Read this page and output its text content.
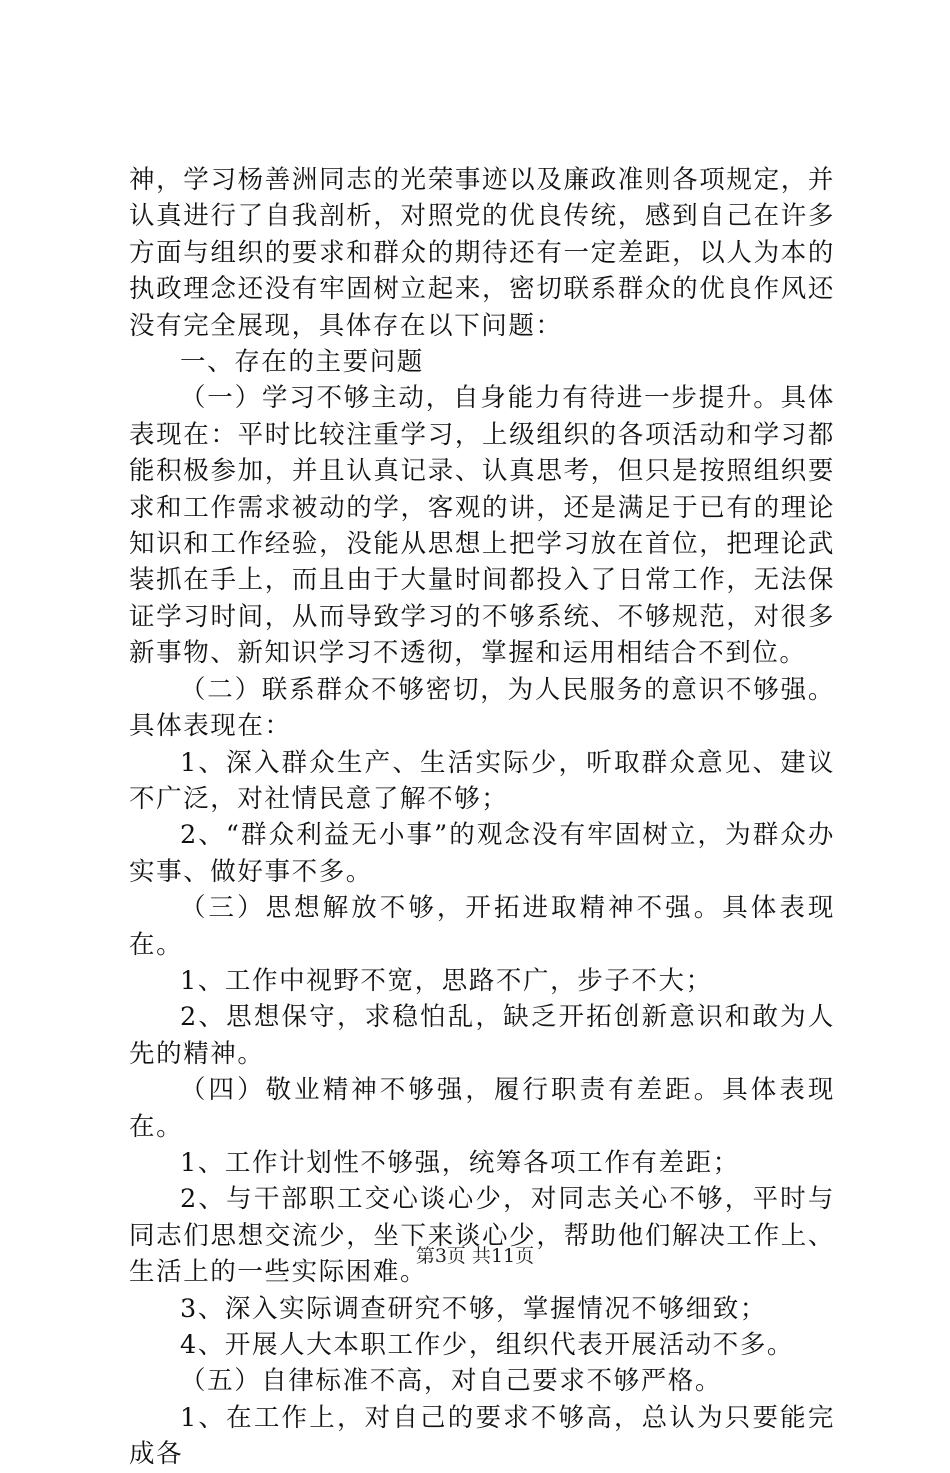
神，学习杨善洲同志的光荣事迹以及廉政准则各项规定，并认真进行了自我剖析，对照党的优良传统，感到自己在许多方面与组织的要求和群众的期待还有一定差距，以人为本的执政理念还没有牢固树立起来，密切联系群众的优良作风还没有完全展现，具体存在以下问题：

一、存在的主要问题

（一）学习不够主动，自身能力有待进一步提升。具体表现在：平时比较注重学习，上级组织的各项活动和学习都能积极参加，并且认真记录、认真思考，但只是按照组织要求和工作需求被动的学，客观的讲，还是满足于已有的理论知识和工作经验，没能从思想上把学习放在首位，把理论武装抓在手上，而且由于大量时间都投入了日常工作，无法保证学习时间，从而导致学习的不够系统、不够规范，对很多新事物、新知识学习不透彻，掌握和运用相结合不到位。

（二）联系群众不够密切，为人民服务的意识不够强。具体表现在：

1、深入群众生产、生活实际少，听取群众意见、建议不广泛，对社情民意了解不够；

2、“群众利益无小事”的观念没有牢固树立，为群众办实事、做好事不多。

（三）思想解放不够，开拓进取精神不强。具体表现在。

1、工作中视野不宽，思路不广，步子不大；

2、思想保守，求稳怕乱，缺乏开拓创新意识和敢为人先的精神。

（四）敬业精神不够强，履行职责有差距。具体表现在。

1、工作计划性不够强，统筹各项工作有差距；

2、与干部职工交心谈心少，对同志关心不够，平时与同志们思想交流少，坐下来谈心少，帮助他们解决工作上、生活上的一些实际困难。

3、深入实际调查研究不够，掌握情况不够细致；

4、开展人大本职工作少，组织代表开展活动不多。

（五）自律标准不高，对自己要求不够严格。

1、在工作上，对自己的要求不够高，总认为只要能完成各

第3页 共11页
